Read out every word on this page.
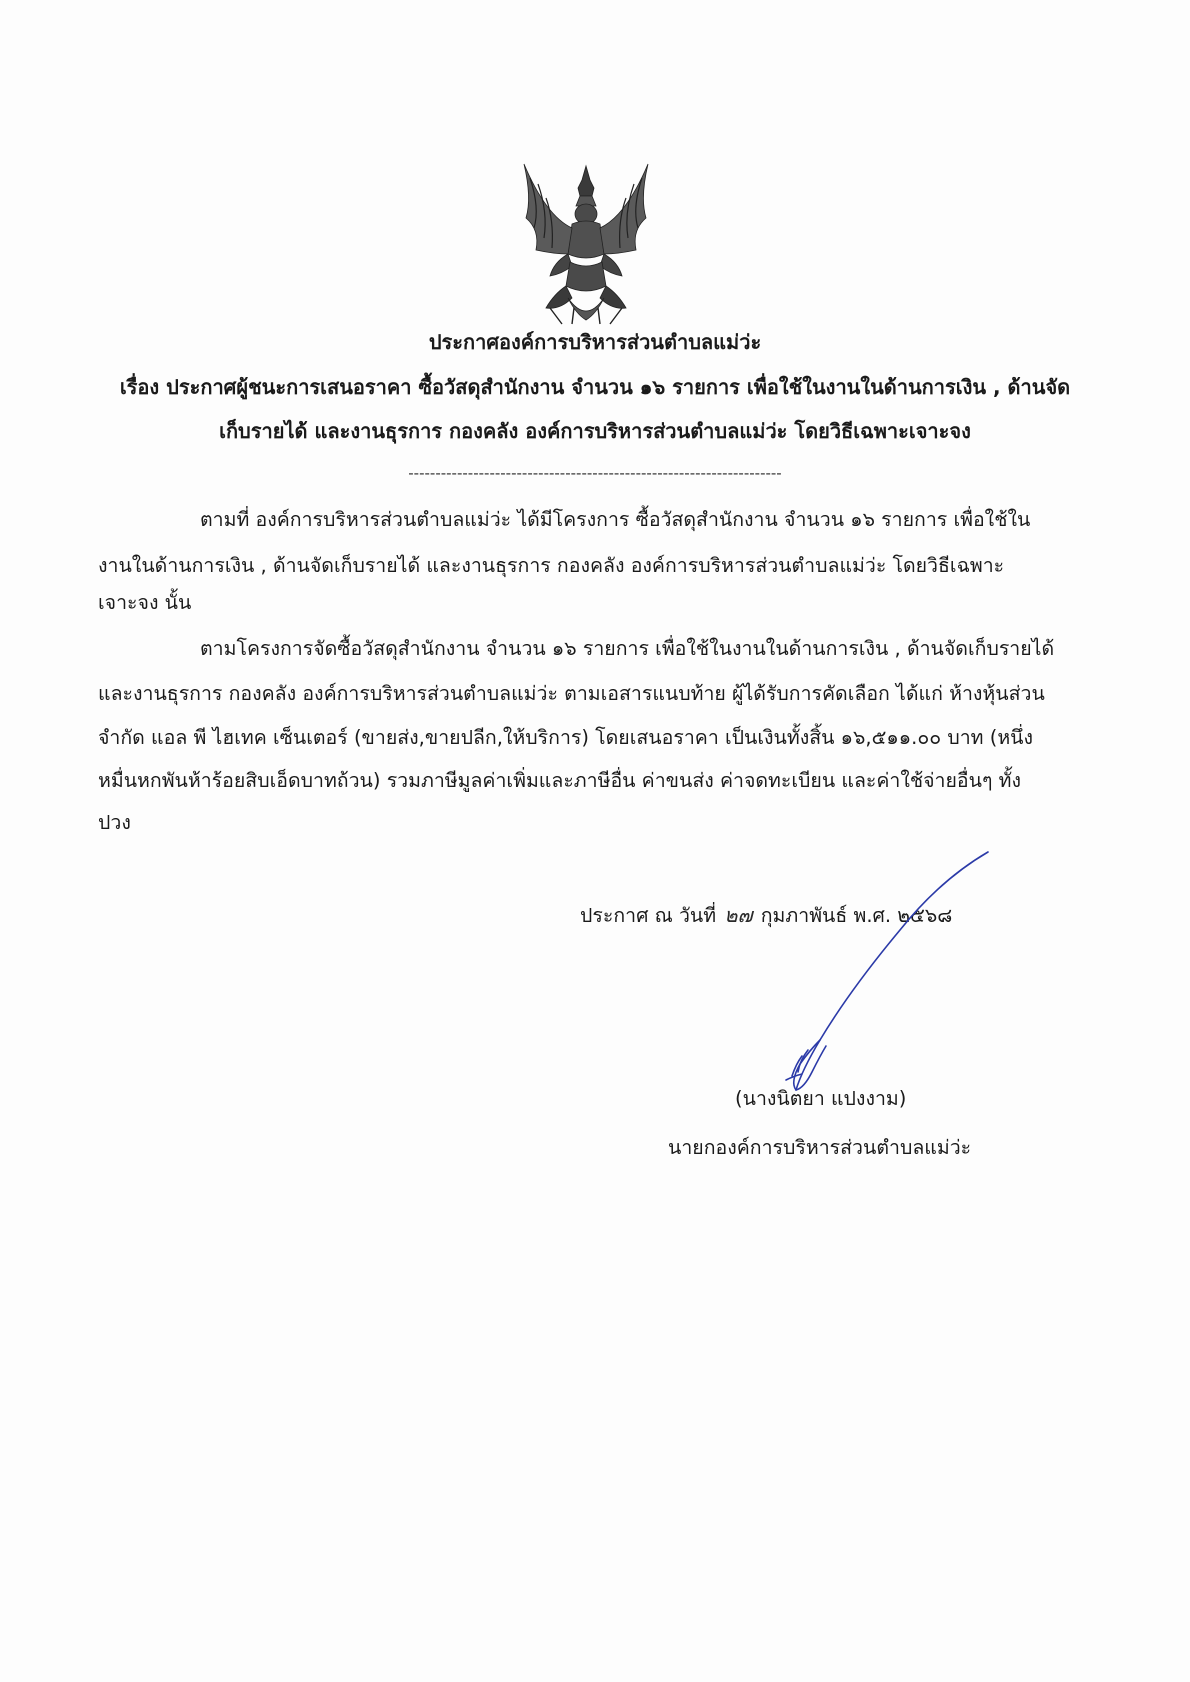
ประกาศองค์การบริหารส่วนตำบลแม่ว่ะ
เรื่อง ประกาศผู้ชนะการเสนอราคา ซื้อวัสดุสำนักงาน จำนวน ๑๖ รายการ เพื่อใช้ในงานในด้านการเงิน , ด้านจัด
เก็บรายได้ และงานธุรการ กองคลัง องค์การบริหารส่วนตำบลแม่ว่ะ โดยวิธีเฉพาะเจาะจง
---------------------------------------------------------------------
ตามที่ องค์การบริหารส่วนตำบลแม่ว่ะ ได้มีโครงการ ซื้อวัสดุสำนักงาน จำนวน ๑๖ รายการ เพื่อใช้ใน
งานในด้านการเงิน , ด้านจัดเก็บรายได้ และงานธุรการ กองคลัง องค์การบริหารส่วนตำบลแม่ว่ะ โดยวิธีเฉพาะ
เจาะจง นั้น
ตามโครงการจัดซื้อวัสดุสำนักงาน จำนวน ๑๖ รายการ เพื่อใช้ในงานในด้านการเงิน , ด้านจัดเก็บรายได้
และงานธุรการ กองคลัง องค์การบริหารส่วนตำบลแม่ว่ะ ตามเอสารแนบท้าย ผู้ได้รับการคัดเลือก ได้แก่ ห้างหุ้นส่วน
จำกัด แอล พี ไฮเทค เซ็นเตอร์ (ขายส่ง,ขายปลีก,ให้บริการ) โดยเสนอราคา เป็นเงินทั้งสิ้น ๑๖,๕๑๑.๐๐ บาท (หนึ่ง
หมื่นหกพันห้าร้อยสิบเอ็ดบาทถ้วน) รวมภาษีมูลค่าเพิ่มและภาษีอื่น ค่าขนส่ง ค่าจดทะเบียน และค่าใช้จ่ายอื่นๆ ทั้ง
ปวง
ประกาศ ณ วันที่ ๒๗ กุมภาพันธ์ พ.ศ. ๒๕๖๘
(นางนิตยา แปงงาม)
นายกองค์การบริหารส่วนตำบลแม่ว่ะ
